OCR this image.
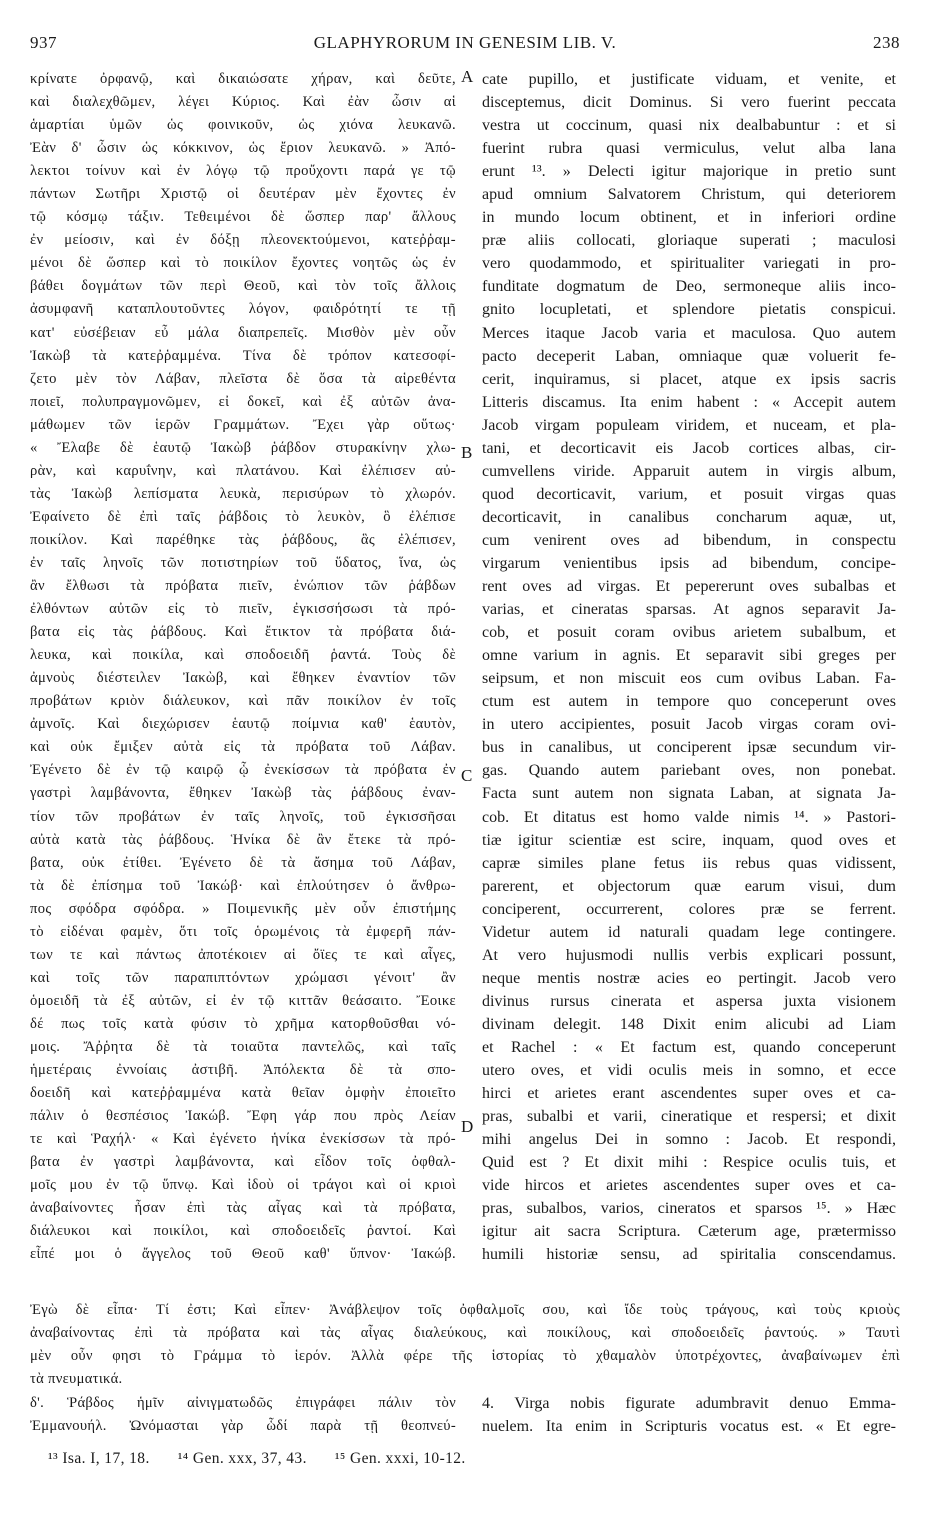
937	GLAPHYRORUM IN GENESIM LIB. V.	238
κρίνατε ὀρφανῷ, καὶ δικαιώσατε χήραν, καὶ δεῦτε,
καὶ διαλεχθῶμεν, λέγει Κύριος. Καὶ ἐὰν ὦσιν αἱ
ἁμαρτίαι ὑμῶν ὡς φοινικοῦν, ὡς χιόνα λευκανῶ.
Ἐὰν δ' ὦσιν ὡς κόκκινον, ὡς ἔριον λευκανῶ. » Ἀπό-
λεκτοι τοίνυν καὶ ἐν λόγῳ τῷ προὔχοντι παρά γε τῷ
πάντων Σωτῆρι Χριστῷ οἱ δευτέραν μὲν ἔχοντες ἐν
τῷ κόσμῳ τάξιν. Τεθειμένοι δὲ ὥσπερ παρ' ἄλλους
ἐν μείοσιν, καὶ ἐν δόξῃ πλεονεκτούμενοι, κατεῤῥαμ-
μένοι δὲ ὥσπερ καὶ τὸ ποικίλον ἔχοντες νοητῶς ὡς ἐν
βάθει δογμάτων τῶν περὶ Θεοῦ, καὶ τὸν τοῖς ἄλλοις
ἀσυμφανῆ καταπλουτοῦντες λόγον, φαιδρότητί τε τῇ
κατ' εὐσέβειαν εὖ μάλα διαπρεπεῖς. Μισθὸν μὲν οὖν
Ἰακὼβ τὰ κατεῤῥαμμένα. Τίνα δὲ τρόπον κατεσοφί-
ζετο μὲν τὸν Λάβαν, πλεῖστα δὲ ὅσα τὰ αἱρεθέντα
ποιεῖ, πολυπραγμονῶμεν, εἰ δοκεῖ, καὶ ἐξ αὐτῶν ἀνα-
μάθωμεν τῶν ἱερῶν Γραμμάτων. Ἔχει γὰρ οὕτως·
« Ἔλαβε δὲ ἑαυτῷ Ἰακὼβ ῥάβδον στυρακίνην χλω-
ρὰν, καὶ καρυΐνην, καὶ πλατάνου. Καὶ ἐλέπισεν αὐ-
τὰς Ἰακὼβ λεπίσματα λευκὰ, περισύρων τὸ χλωρόν.
Ἐφαίνετο δὲ ἐπὶ ταῖς ῥάβδοις τὸ λευκὸν, ὃ ἐλέπισε
ποικίλον. Καὶ παρέθηκε τὰς ῥάβδους, ἃς ἐλέπισεν,
ἐν ταῖς ληνοῖς τῶν ποτιστηρίων τοῦ ὕδατος, ἵνα, ὡς
ἂν ἔλθωσι τὰ πρόβατα πιεῖν, ἐνώπιον τῶν ῥάβδων
ἐλθόντων αὐτῶν εἰς τὸ πιεῖν, ἐγκισσήσωσι τὰ πρό-
βατα εἰς τὰς ῥάβδους. Καὶ ἔτικτον τὰ πρόβατα διά-
λευκα, καὶ ποικίλα, καὶ σποδοειδῆ ῥαντά. Τοὺς δὲ
ἀμνοὺς διέστειλεν Ἰακὼβ, καὶ ἔθηκεν ἐναντίον τῶν
προβάτων κριὸν διάλευκον, καὶ πᾶν ποικίλον ἐν τοῖς
ἀμνοῖς. Καὶ διεχώρισεν ἑαυτῷ ποίμνια καθ' ἑαυτὸν,
καὶ οὐκ ἔμιξεν αὐτὰ εἰς τὰ πρόβατα τοῦ Λάβαν.
Ἐγένετο δὲ ἐν τῷ καιρῷ ᾧ ἐνεκίσσων τὰ πρόβατα ἐν
γαστρὶ λαμβάνοντα, ἔθηκεν Ἰακὼβ τὰς ῥάβδους ἐναν-
τίον τῶν προβάτων ἐν ταῖς ληνοῖς, τοῦ ἐγκισσῆσαι
αὐτὰ κατὰ τὰς ῥάβδους. Ἡνίκα δὲ ἂν ἔτεκε τὰ πρό-
βατα, οὐκ ἐτίθει. Ἐγένετο δὲ τὰ ἄσημα τοῦ Λάβαν,
τὰ δὲ ἐπίσημα τοῦ Ἰακώβ· καὶ ἐπλούτησεν ὁ ἄνθρω-
πος σφόδρα σφόδρα. » Ποιμενικῆς μὲν οὖν ἐπιστήμης
τὸ εἰδέναι φαμὲν, ὅτι τοῖς ὁρωμένοις τὰ ἐμφερῆ πάν-
των τε καὶ πάντως ἀποτέκοιεν αἱ ὄϊες τε καὶ αἶγες,
καὶ τοῖς τῶν παραπιπτόντων χρώμασι γένοιτ' ἂν
ὁμοειδῆ τὰ ἐξ αὐτῶν, εἰ ἐν τῷ κιττᾶν θεάσαιτο. Ἔοικε
δέ πως τοῖς κατὰ φύσιν τὸ χρῆμα κατορθοῦσθαι νό-
μοις. Ἄῤῥητα δὲ τὰ τοιαῦτα παντελῶς, καὶ ταῖς
ἡμετέραις ἐννοίαις ἀστιβῆ. Ἀπόλεκτα δὲ τὰ σπο-
δοειδῆ καὶ κατεῤῥαμμένα κατὰ θεῖαν ὀμφὴν ἐποιεῖτο
πάλιν ὁ θεσπέσιος Ἰακώβ. Ἔφη γάρ που πρὸς Λείαν
τε καὶ Ῥαχήλ· « Καὶ ἐγένετο ἡνίκα ἐνεκίσσων τὰ πρό-
βατα ἐν γαστρὶ λαμβάνοντα, καὶ εἶδον τοῖς ὀφθαλ-
μοῖς μου ἐν τῷ ὕπνῳ. Καὶ ἰδοὺ οἱ τράγοι καὶ οἱ κριοὶ
ἀναβαίνοντες ἦσαν ἐπὶ τὰς αἶγας καὶ τὰ πρόβατα,
διάλευκοι καὶ ποικίλοι, καὶ σποδοειδεῖς ῥαντοί. Καὶ
εἶπέ μοι ὁ ἄγγελος τοῦ Θεοῦ καθ' ὕπνον· Ἰακώβ.
cate pupillo, et justificate viduam, et venite, et
disceptemus, dicit Dominus. Si vero fuerint peccata
vestra ut coccinum, quasi nix dealbabuntur : et si
fuerint rubra quasi vermiculus, velut alba lana
erunt ¹³. » Delecti igitur majorique in pretio sunt
apud omnium Salvatorem Christum, qui deteriorem
in mundo locum obtinent, et in inferiori ordine
præ aliis collocati, gloriaque superati ; maculosi
vero quodammodo, et spiritualiter variegati in pro-
funditate dogmatum de Deo, sermoneque aliis inco-
gnito locupletati, et splendore pietatis conspicui.
Merces itaque Jacob varia et maculosa. Quo autem
pacto deceperit Laban, omniaque quæ voluerit fe-
cerit, inquiramus, si placet, atque ex ipsis sacris
Litteris discamus. Ita enim habent : « Accepit autem
Jacob virgam populeam viridem, et nuceam, et pla-
tani, et decorticavit eis Jacob cortices albas, cir-
cumvellens viride. Apparuit autem in virgis album,
quod decorticavit, varium, et posuit virgas quas
decorticavit, in canalibus concharum aquæ, ut,
cum venirent oves ad bibendum, in conspectu
virgarum venientibus ipsis ad bibendum, concipe-
rent oves ad virgas. Et pepererunt oves subalbas et
varias, et cineratas sparsas. At agnos separavit Ja-
cob, et posuit coram ovibus arietem subalbum, et
omne varium in agnis. Et separavit sibi greges per
seipsum, et non miscuit eos cum ovibus Laban. Fa-
ctum est autem in tempore quo conceperunt oves
in utero accipientes, posuit Jacob virgas coram ovi-
bus in canalibus, ut conciperent ipsæ secundum vir-
gas. Quando autem pariebant oves, non ponebat.
Facta sunt autem non signata Laban, at signata Ja-
cob. Et ditatus est homo valde nimis ¹⁴. » Pastori-
tiæ igitur scientiæ est scire, inquam, quod oves et
capræ similes plane fetus iis rebus quas vidissent,
parerent, et objectorum quæ earum visui, dum
conciperent, occurrerent, colores præ se ferrent.
Videtur autem id naturali quadam lege contingere.
At vero hujusmodi nullis verbis explicari possunt,
neque mentis nostræ acies eo pertingit. Jacob vero
divinus rursus cinerata et aspersa juxta visionem
divinam delegit. 148 Dixit enim alicubi ad Liam
et Rachel : « Et factum est, quando conceperunt
utero oves, et vidi oculis meis in somno, et ecce
hirci et arietes erant ascendentes super oves et ca-
pras, subalbi et varii, cineratique et respersi; et dixit
mihi angelus Dei in somno : Jacob. Et respondi,
Quid est ? Et dixit mihi : Respice oculis tuis, et
vide hircos et arietes ascendentes super oves et ca-
pras, subalbos, varios, cineratos et sparsos ¹⁵. » Hæc
igitur ait sacra Scriptura. Cæterum age, prætermisso
humili historiæ sensu, ad spiritalia conscendamus.
A
B
C
D
Ἐγὼ δὲ εἶπα· Τί ἐστι; Καὶ εἶπεν· Ἀνάβλεψον τοῖς ὀφθαλμοῖς σου, καὶ ἴδε τοὺς τράγους, καὶ τοὺς κριοὺς
ἀναβαίνοντας ἐπὶ τὰ πρόβατα καὶ τὰς αἶγας διαλεύκους, καὶ ποικίλους, καὶ σποδοειδεῖς ῥαντούς. » Ταυτὶ
μὲν οὖν φησι τὸ Γράμμα τὸ ἱερόν. Ἀλλὰ φέρε τῆς ἱστορίας τὸ χθαμαλὸν ὑποτρέχοντες, ἀναβαίνωμεν ἐπὶ
τὰ πνευματικά.
δ'. Ῥάβδος ἡμῖν αἰνιγματωδῶς ἐπιγράφει πάλιν τὸν
Ἐμμανουήλ. Ὠνόμασται γὰρ ὧδί παρὰ τῇ θεοπνεύ-
4. Virga nobis figurate adumbravit denuo Emma-
nuelem. Ita enim in Scripturis vocatus est. « Et egre-
¹³ Isa. I, 17, 18. ¹⁴ Gen. xxx, 37, 43. ¹⁵ Gen. xxxi, 10-12.
